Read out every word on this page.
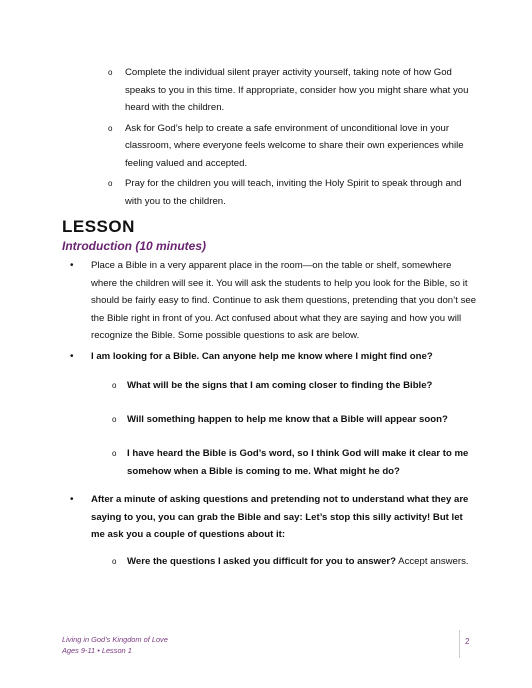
o Complete the individual silent prayer activity yourself, taking note of how God speaks to you in this time. If appropriate, consider how you might share what you heard with the children.
o Ask for God’s help to create a safe environment of unconditional love in your classroom, where everyone feels welcome to share their own experiences while feeling valued and accepted.
o Pray for the children you will teach, inviting the Holy Spirit to speak through and with you to the children.
LESSON
Introduction (10 minutes)
• Place a Bible in a very apparent place in the room—on the table or shelf, somewhere where the children will see it. You will ask the students to help you look for the Bible, so it should be fairly easy to find. Continue to ask them questions, pretending that you don’t see the Bible right in front of you. Act confused about what they are saying and how you will recognize the Bible. Some possible questions to ask are below.
• I am looking for a Bible. Can anyone help me know where I might find one?
o What will be the signs that I am coming closer to finding the Bible?
o Will something happen to help me know that a Bible will appear soon?
o I have heard the Bible is God’s word, so I think God will make it clear to me somehow when a Bible is coming to me. What might he do?
• After a minute of asking questions and pretending not to understand what they are saying to you, you can grab the Bible and say: Let’s stop this silly activity! But let me ask you a couple of questions about it:
o Were the questions I asked you difficult for you to answer? Accept answers.
Living in God’s Kingdom of Love
Ages 9-11 • Lesson 1
2
